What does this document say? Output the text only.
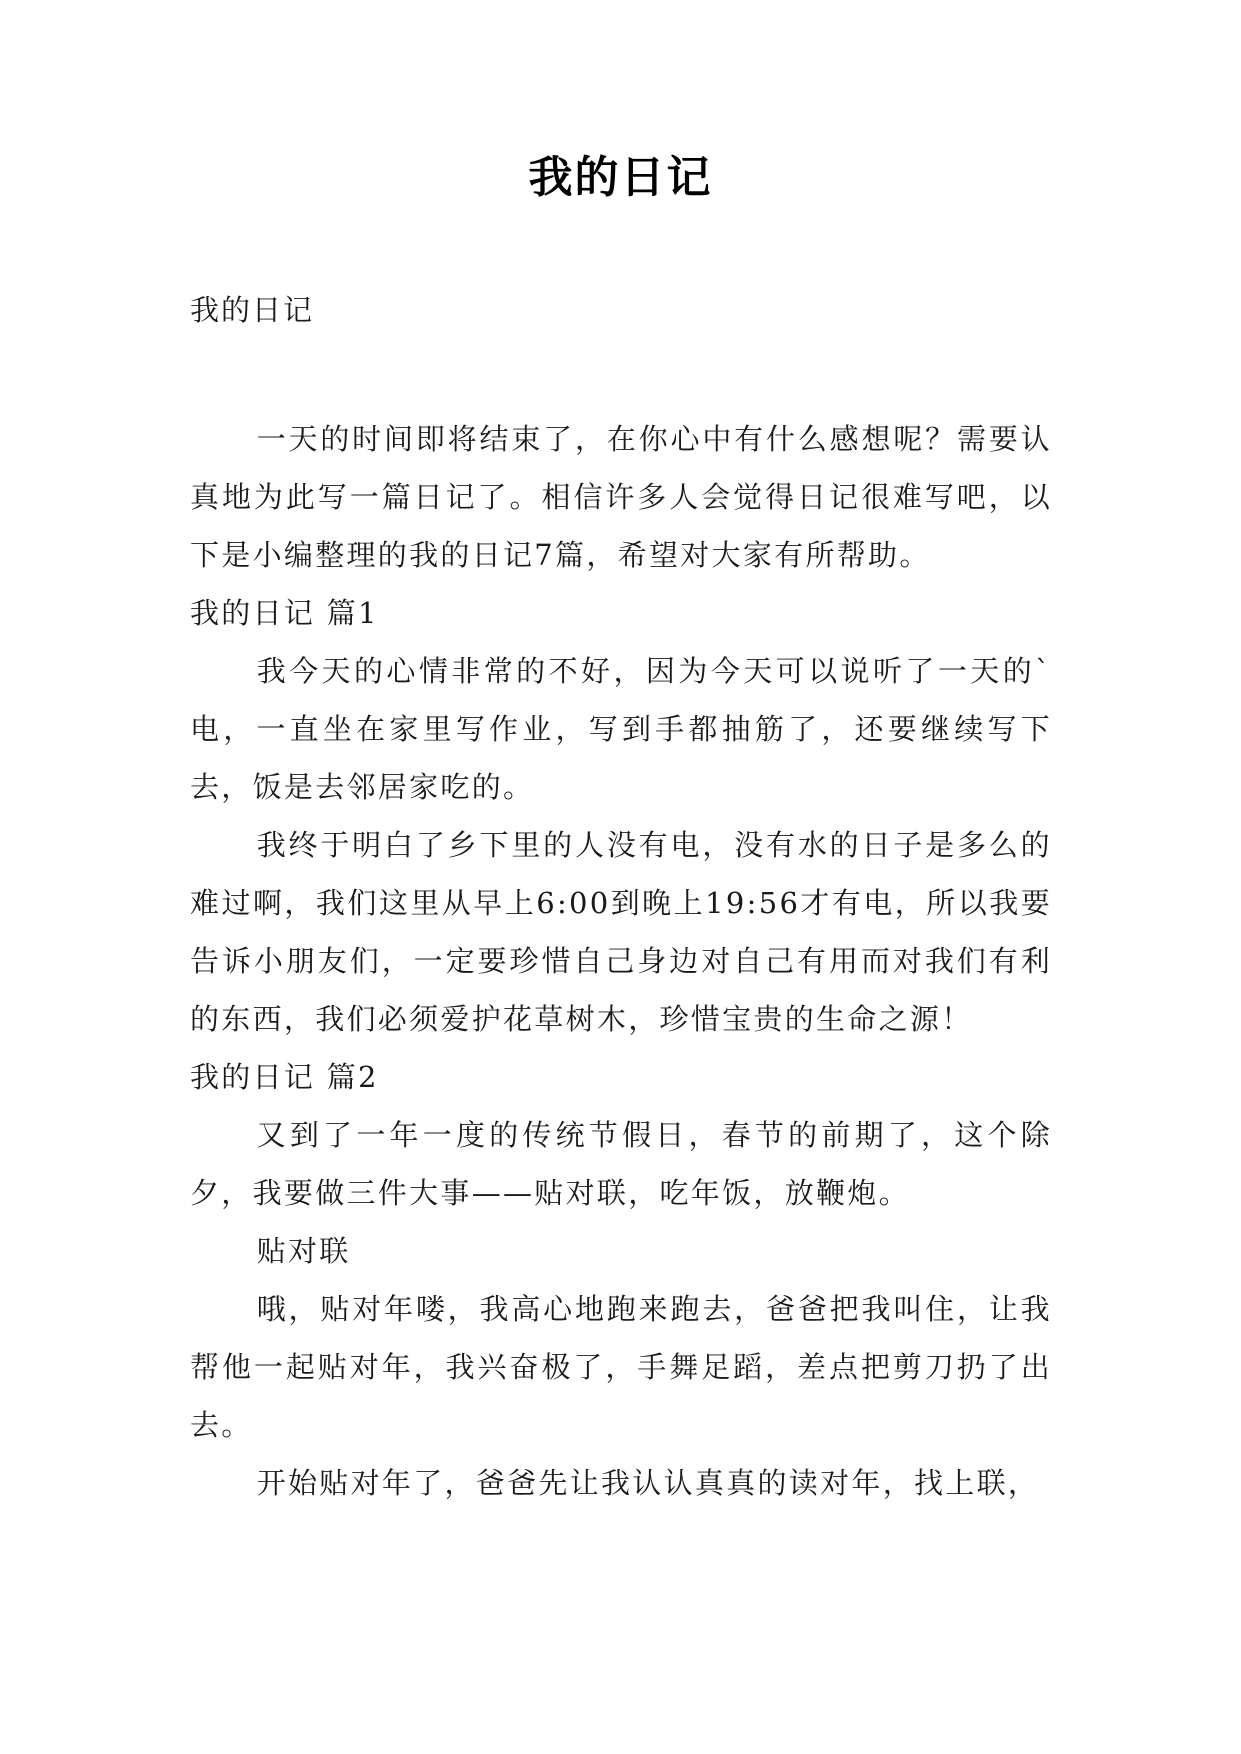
我的日记

我的日记

一天的时间即将结束了，在你心中有什么感想呢？需要认真地为此写一篇日记了。相信许多人会觉得日记很难写吧，以下是小编整理的我的日记7篇，希望对大家有所帮助。

我的日记 篇1

我今天的心情非常的不好，因为今天可以说听了一天的`电，一直坐在家里写作业，写到手都抽筋了，还要继续写下去，饭是去邻居家吃的。

我终于明白了乡下里的人没有电，没有水的日子是多么的难过啊，我们这里从早上6:00到晚上19:56才有电，所以我要告诉小朋友们，一定要珍惜自己身边对自己有用而对我们有利的东西，我们必须爱护花草树木，珍惜宝贵的生命之源！

我的日记 篇2

又到了一年一度的传统节假日，春节的前期了，这个除夕，我要做三件大事——贴对联，吃年饭，放鞭炮。

贴对联

哦，贴对年喽，我高心地跑来跑去，爸爸把我叫住，让我帮他一起贴对年，我兴奋极了，手舞足蹈，差点把剪刀扔了出去。

开始贴对年了，爸爸先让我认认真真的读对年，找上联，
